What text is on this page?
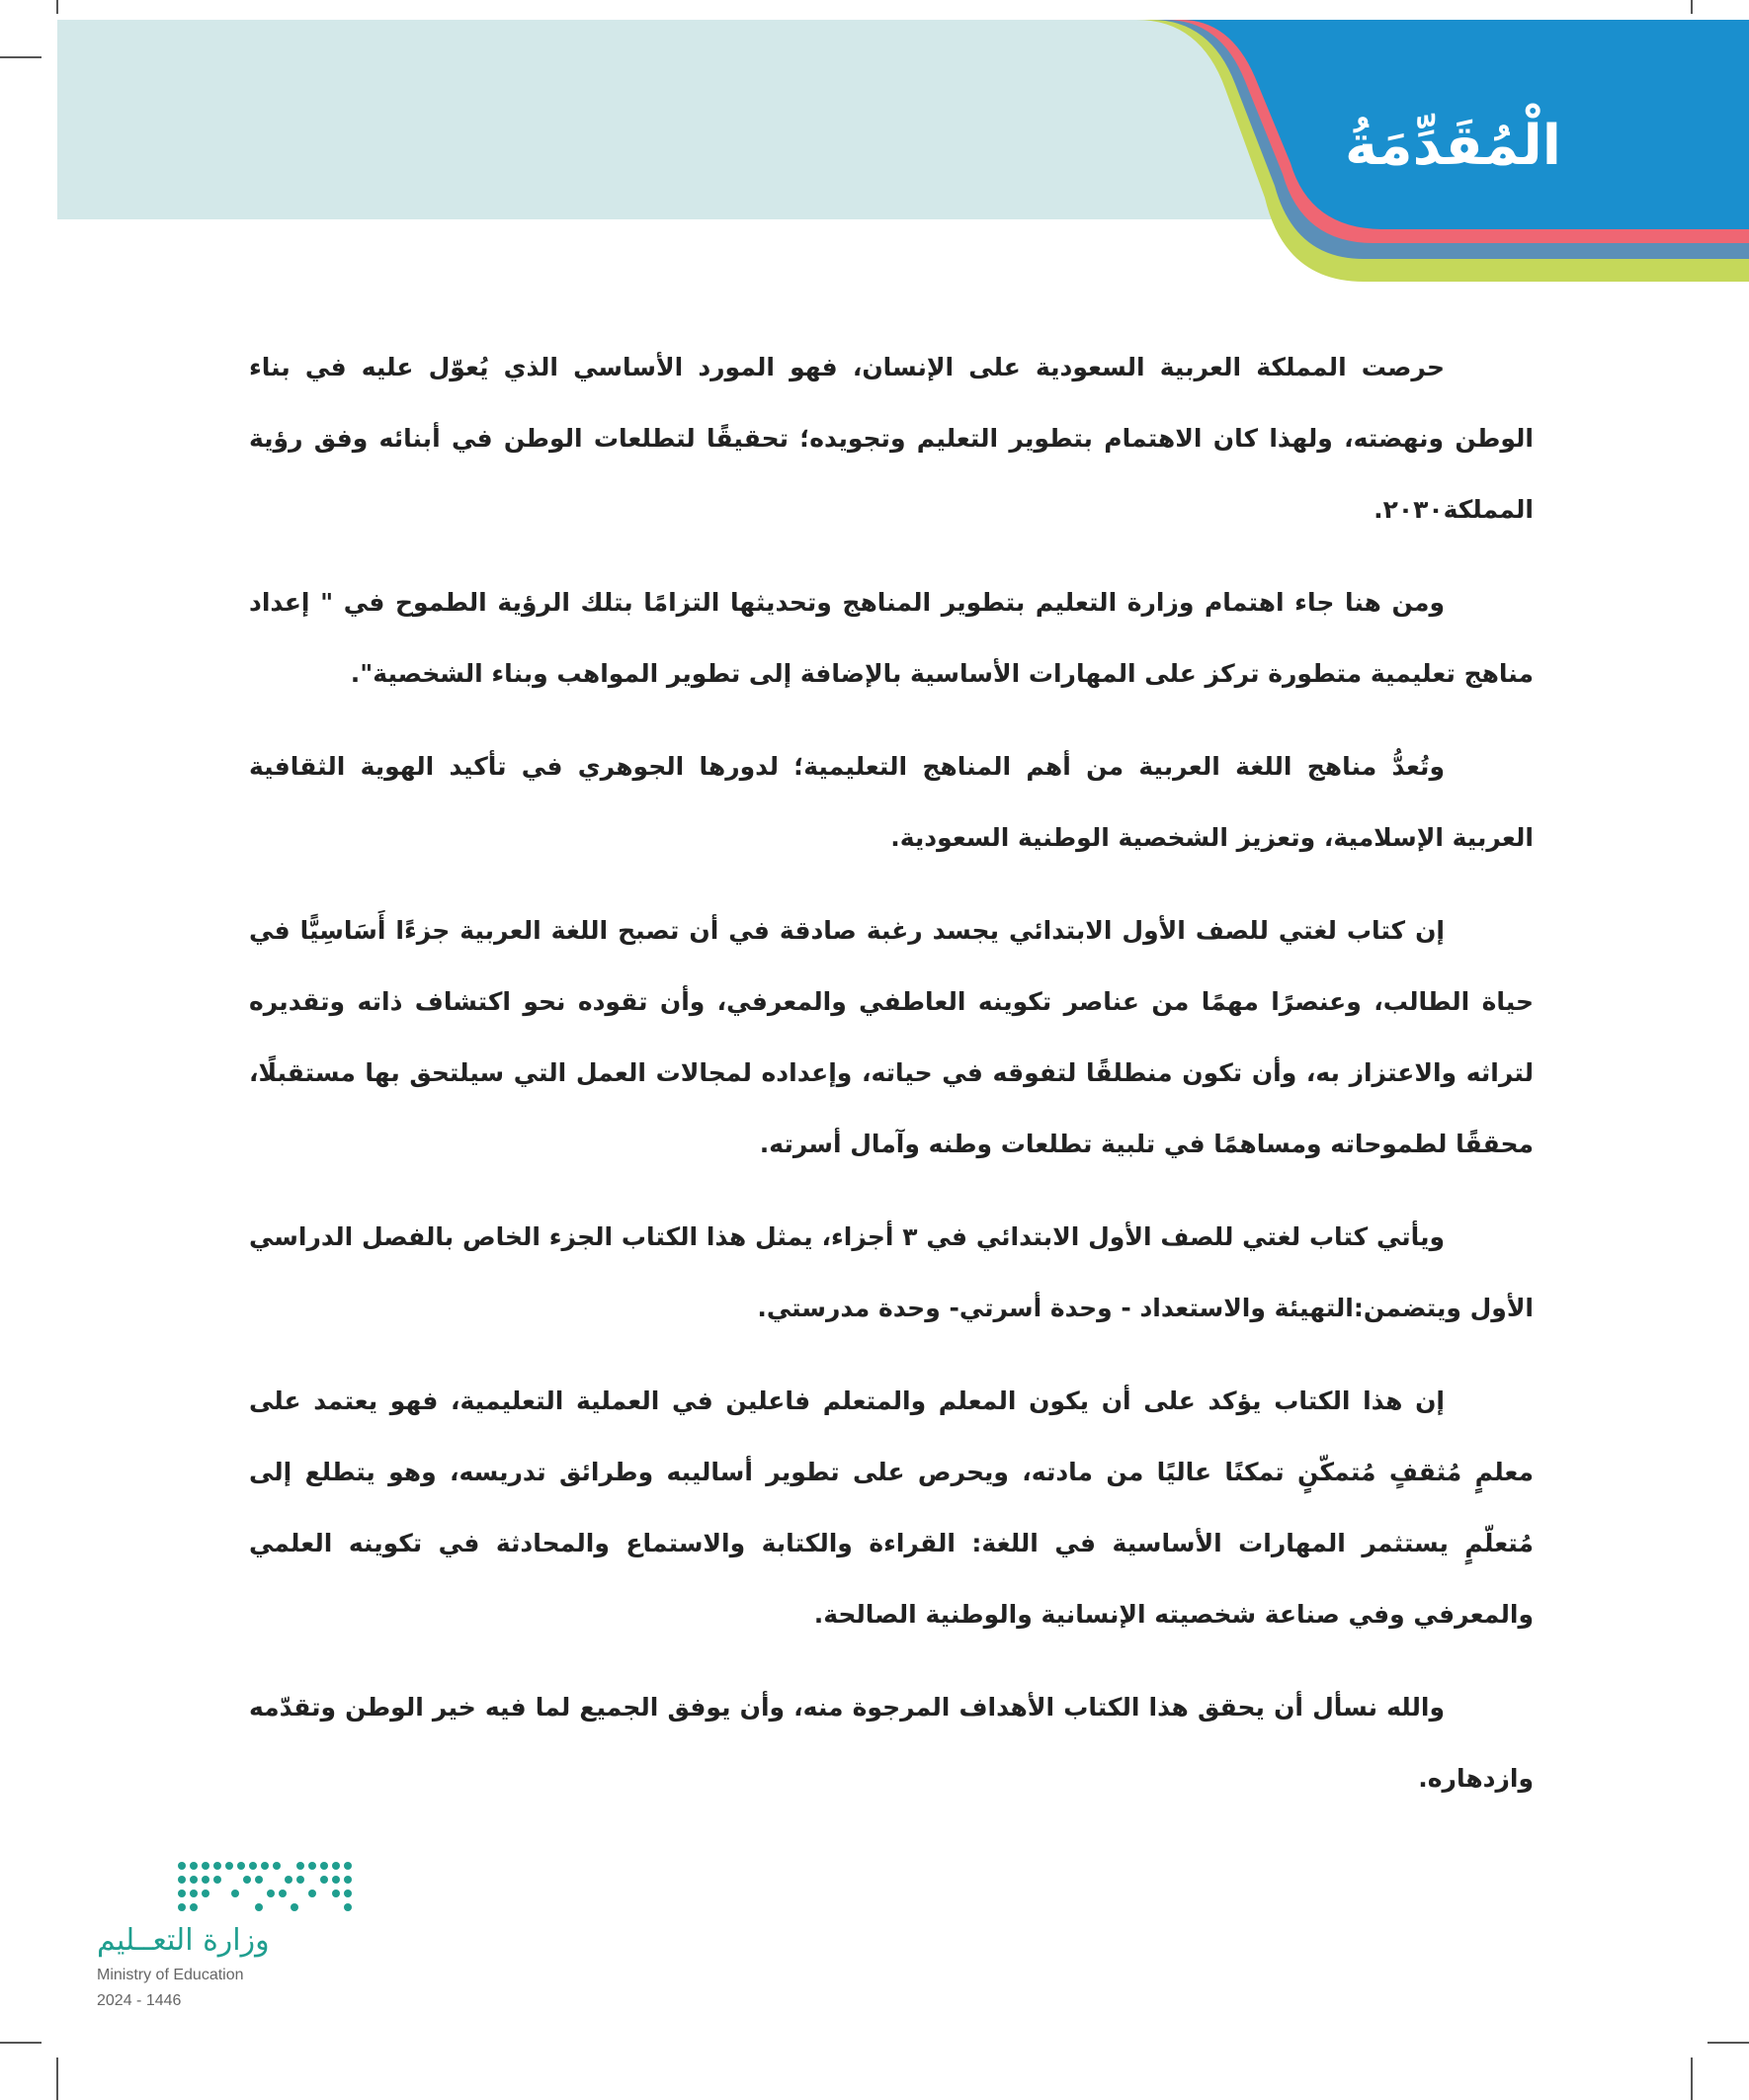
الْمُقَدِّمَةُ

حرصت المملكة العربية السعودية على الإنسان، فهو المورد الأساسي الذي يُعوّل عليه في بناء الوطن ونهضته، ولهذا كان الاهتمام بتطوير التعليم وتجويده؛ تحقيقًا لتطلعات الوطن في أبنائه وفق رؤية المملكة٢٠٣٠.

ومن هنا جاء اهتمام وزارة التعليم بتطوير المناهج وتحديثها التزامًا بتلك الرؤية الطموح في " إعداد مناهج تعليمية متطورة تركز على المهارات الأساسية بالإضافة إلى تطوير المواهب وبناء الشخصية".

وتُعدُّ مناهج اللغة العربية من أهم المناهج التعليمية؛ لدورها الجوهري في تأكيد الهوية الثقافية العربية الإسلامية، وتعزيز الشخصية الوطنية السعودية.

إن كتاب لغتي للصف الأول الابتدائي يجسد رغبة صادقة في أن تصبح اللغة العربية جزءًا أَسَاسِيًّا في حياة الطالب، وعنصرًا مهمًا من عناصر تكوينه العاطفي والمعرفي، وأن تقوده نحو اكتشاف ذاته وتقديره لتراثه والاعتزاز به، وأن تكون منطلقًا لتفوقه في حياته، وإعداده لمجالات العمل التي سيلتحق بها مستقبلًا، محققًا لطموحاته ومساهمًا في تلبية تطلعات وطنه وآمال أسرته.

ويأتي كتاب لغتي للصف الأول الابتدائي في ٣ أجزاء، يمثل هذا الكتاب الجزء الخاص بالفصل الدراسي الأول ويتضمن:التهيئة والاستعداد - وحدة أسرتي- وحدة مدرستي.

إن هذا الكتاب يؤكد على أن يكون المعلم والمتعلم فاعلين في العملية التعليمية، فهو يعتمد على معلمٍ مُثقفٍ مُتمكّنٍ تمكنًا عاليًا من مادته، ويحرص على تطوير أساليبه وطرائق تدريسه، وهو يتطلع إلى مُتعلّمٍ يستثمر المهارات الأساسية في اللغة: القراءة والكتابة والاستماع والمحادثة في تكوينه العلمي والمعرفي وفي صناعة شخصيته الإنسانية والوطنية الصالحة.

والله نسأل أن يحقق هذا الكتاب الأهداف المرجوة منه، وأن يوفق الجميع لما فيه خير الوطن وتقدّمه وازدهاره.

وزارة التعــليم
Ministry of Education
2024 - 1446
